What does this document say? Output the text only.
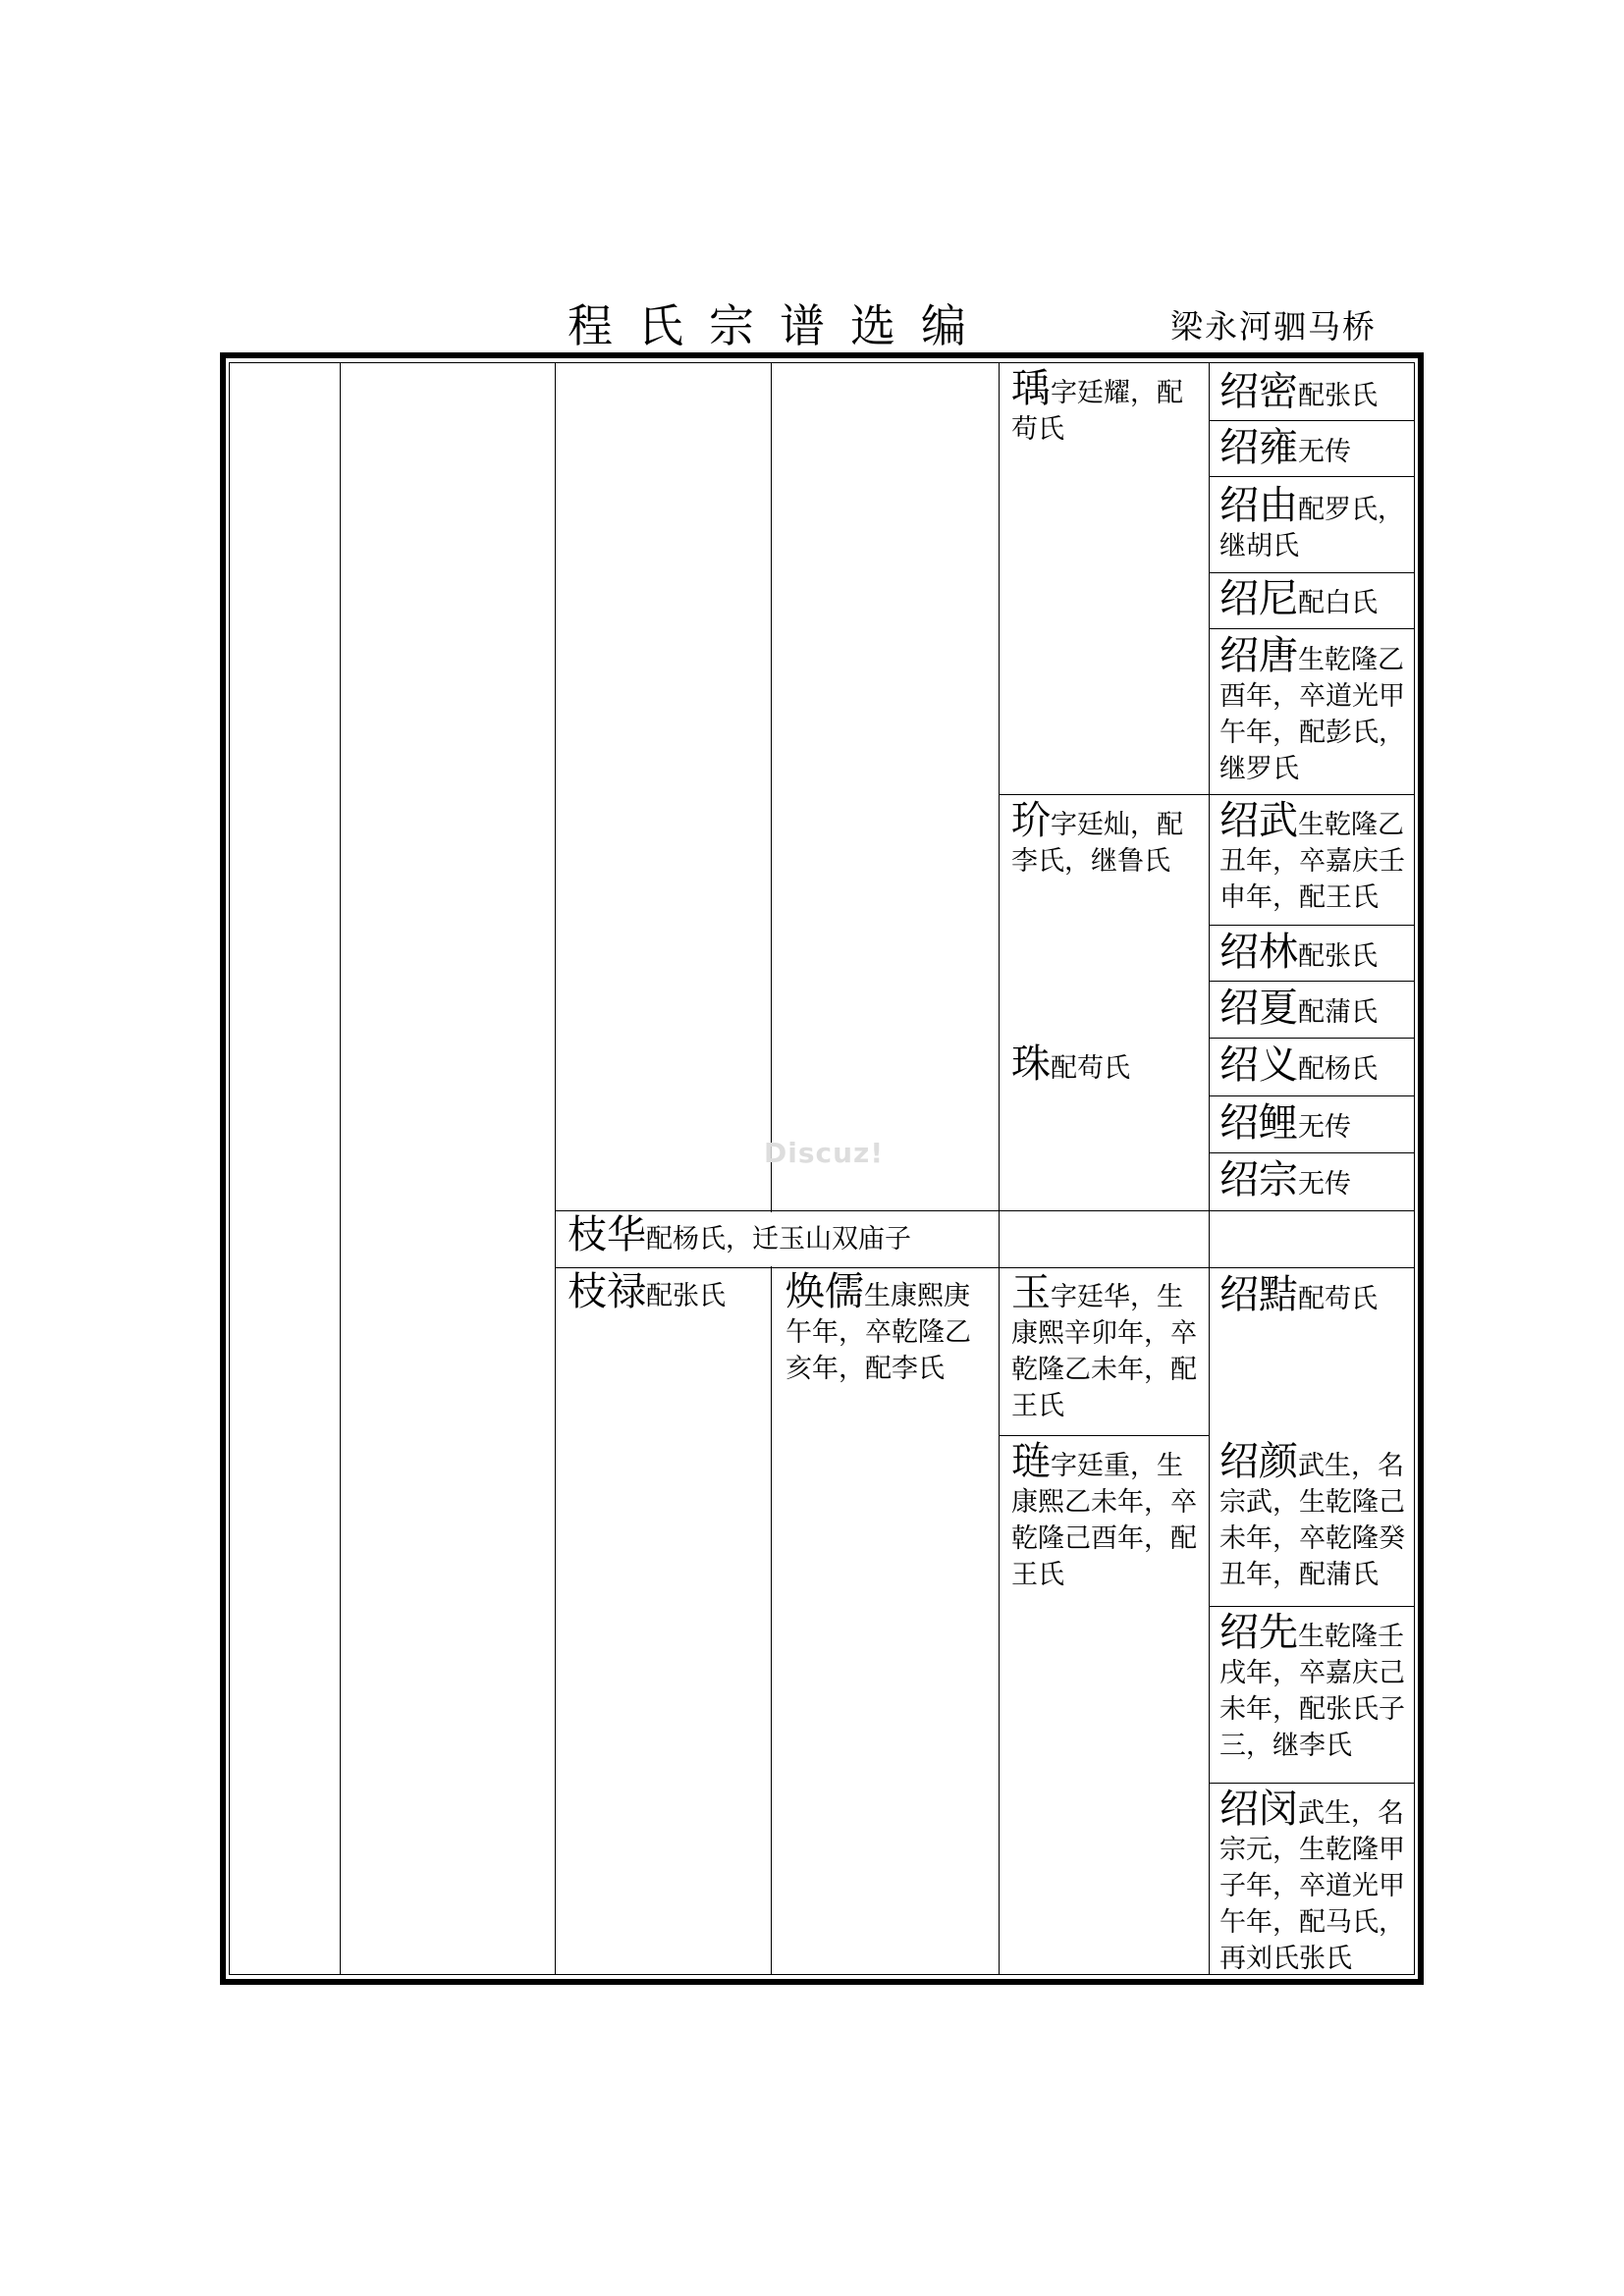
程氏宗谱选编	梁永河驷马桥
枝华配杨氏，迁玉山双庙子
枝禄配张氏	焕儒生康熙庚午年，卒乾隆乙亥年，配李氏
瑀字廷耀，配苟氏
玠字廷灿，配李氏，继鲁氏
珠配苟氏
玉字廷华，生康熙辛卯年，卒乾隆乙未年，配王氏
琏字廷重，生康熙乙未年，卒乾隆己酉年，配王氏
绍密配张氏
绍雍无传
绍由配罗氏，继胡氏
绍尼配白氏
绍唐生乾隆乙酉年，卒道光甲午年，配彭氏，继罗氏
绍武生乾隆乙丑年，卒嘉庆壬申年，配王氏
绍林配张氏
绍夏配蒲氏
绍义配杨氏
绍鲤无传
绍宗无传
绍黠配苟氏
绍颜武生，名宗武，生乾隆己未年，卒乾隆癸丑年，配蒲氏
绍先生乾隆壬戌年，卒嘉庆己未年，配张氏子三，继李氏
绍闵武生，名宗元，生乾隆甲子年，卒道光甲午年，配马氏，再刘氏张氏
Discuz!
